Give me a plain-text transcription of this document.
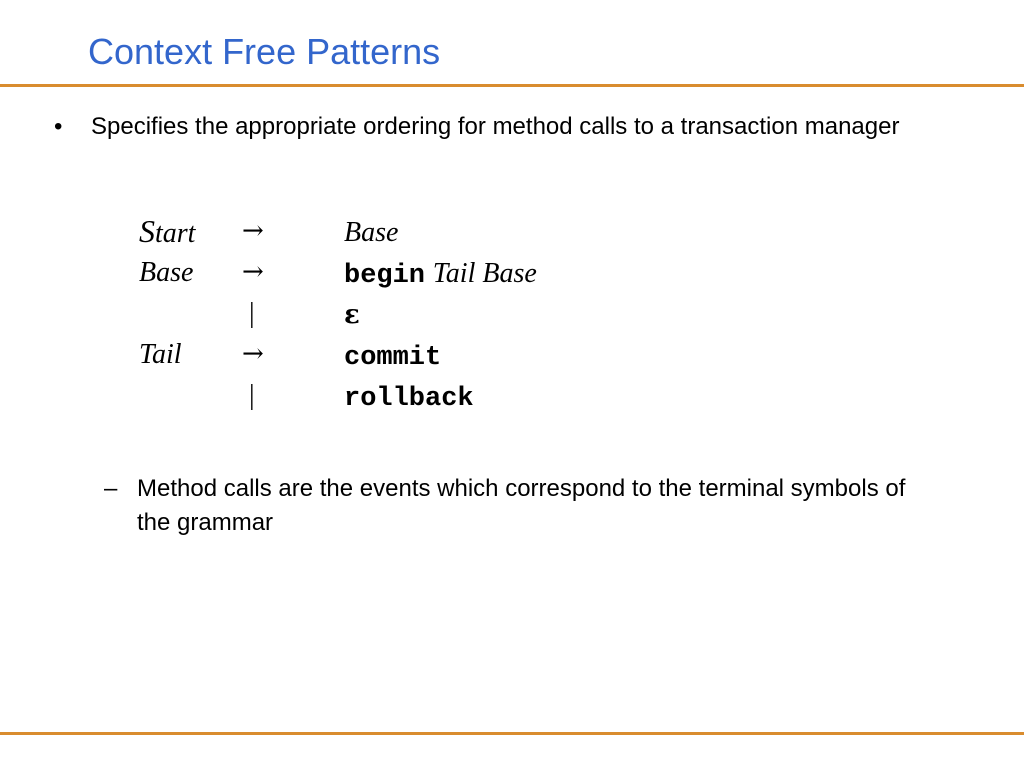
Context Free Patterns
•	Specifies the appropriate ordering for method calls to a transaction manager
Start →	Base
Base →	begin Tail Base
|	ε
Tail →	commit
|	rollback
– Method calls are the events which correspond to the terminal symbols of the grammar
